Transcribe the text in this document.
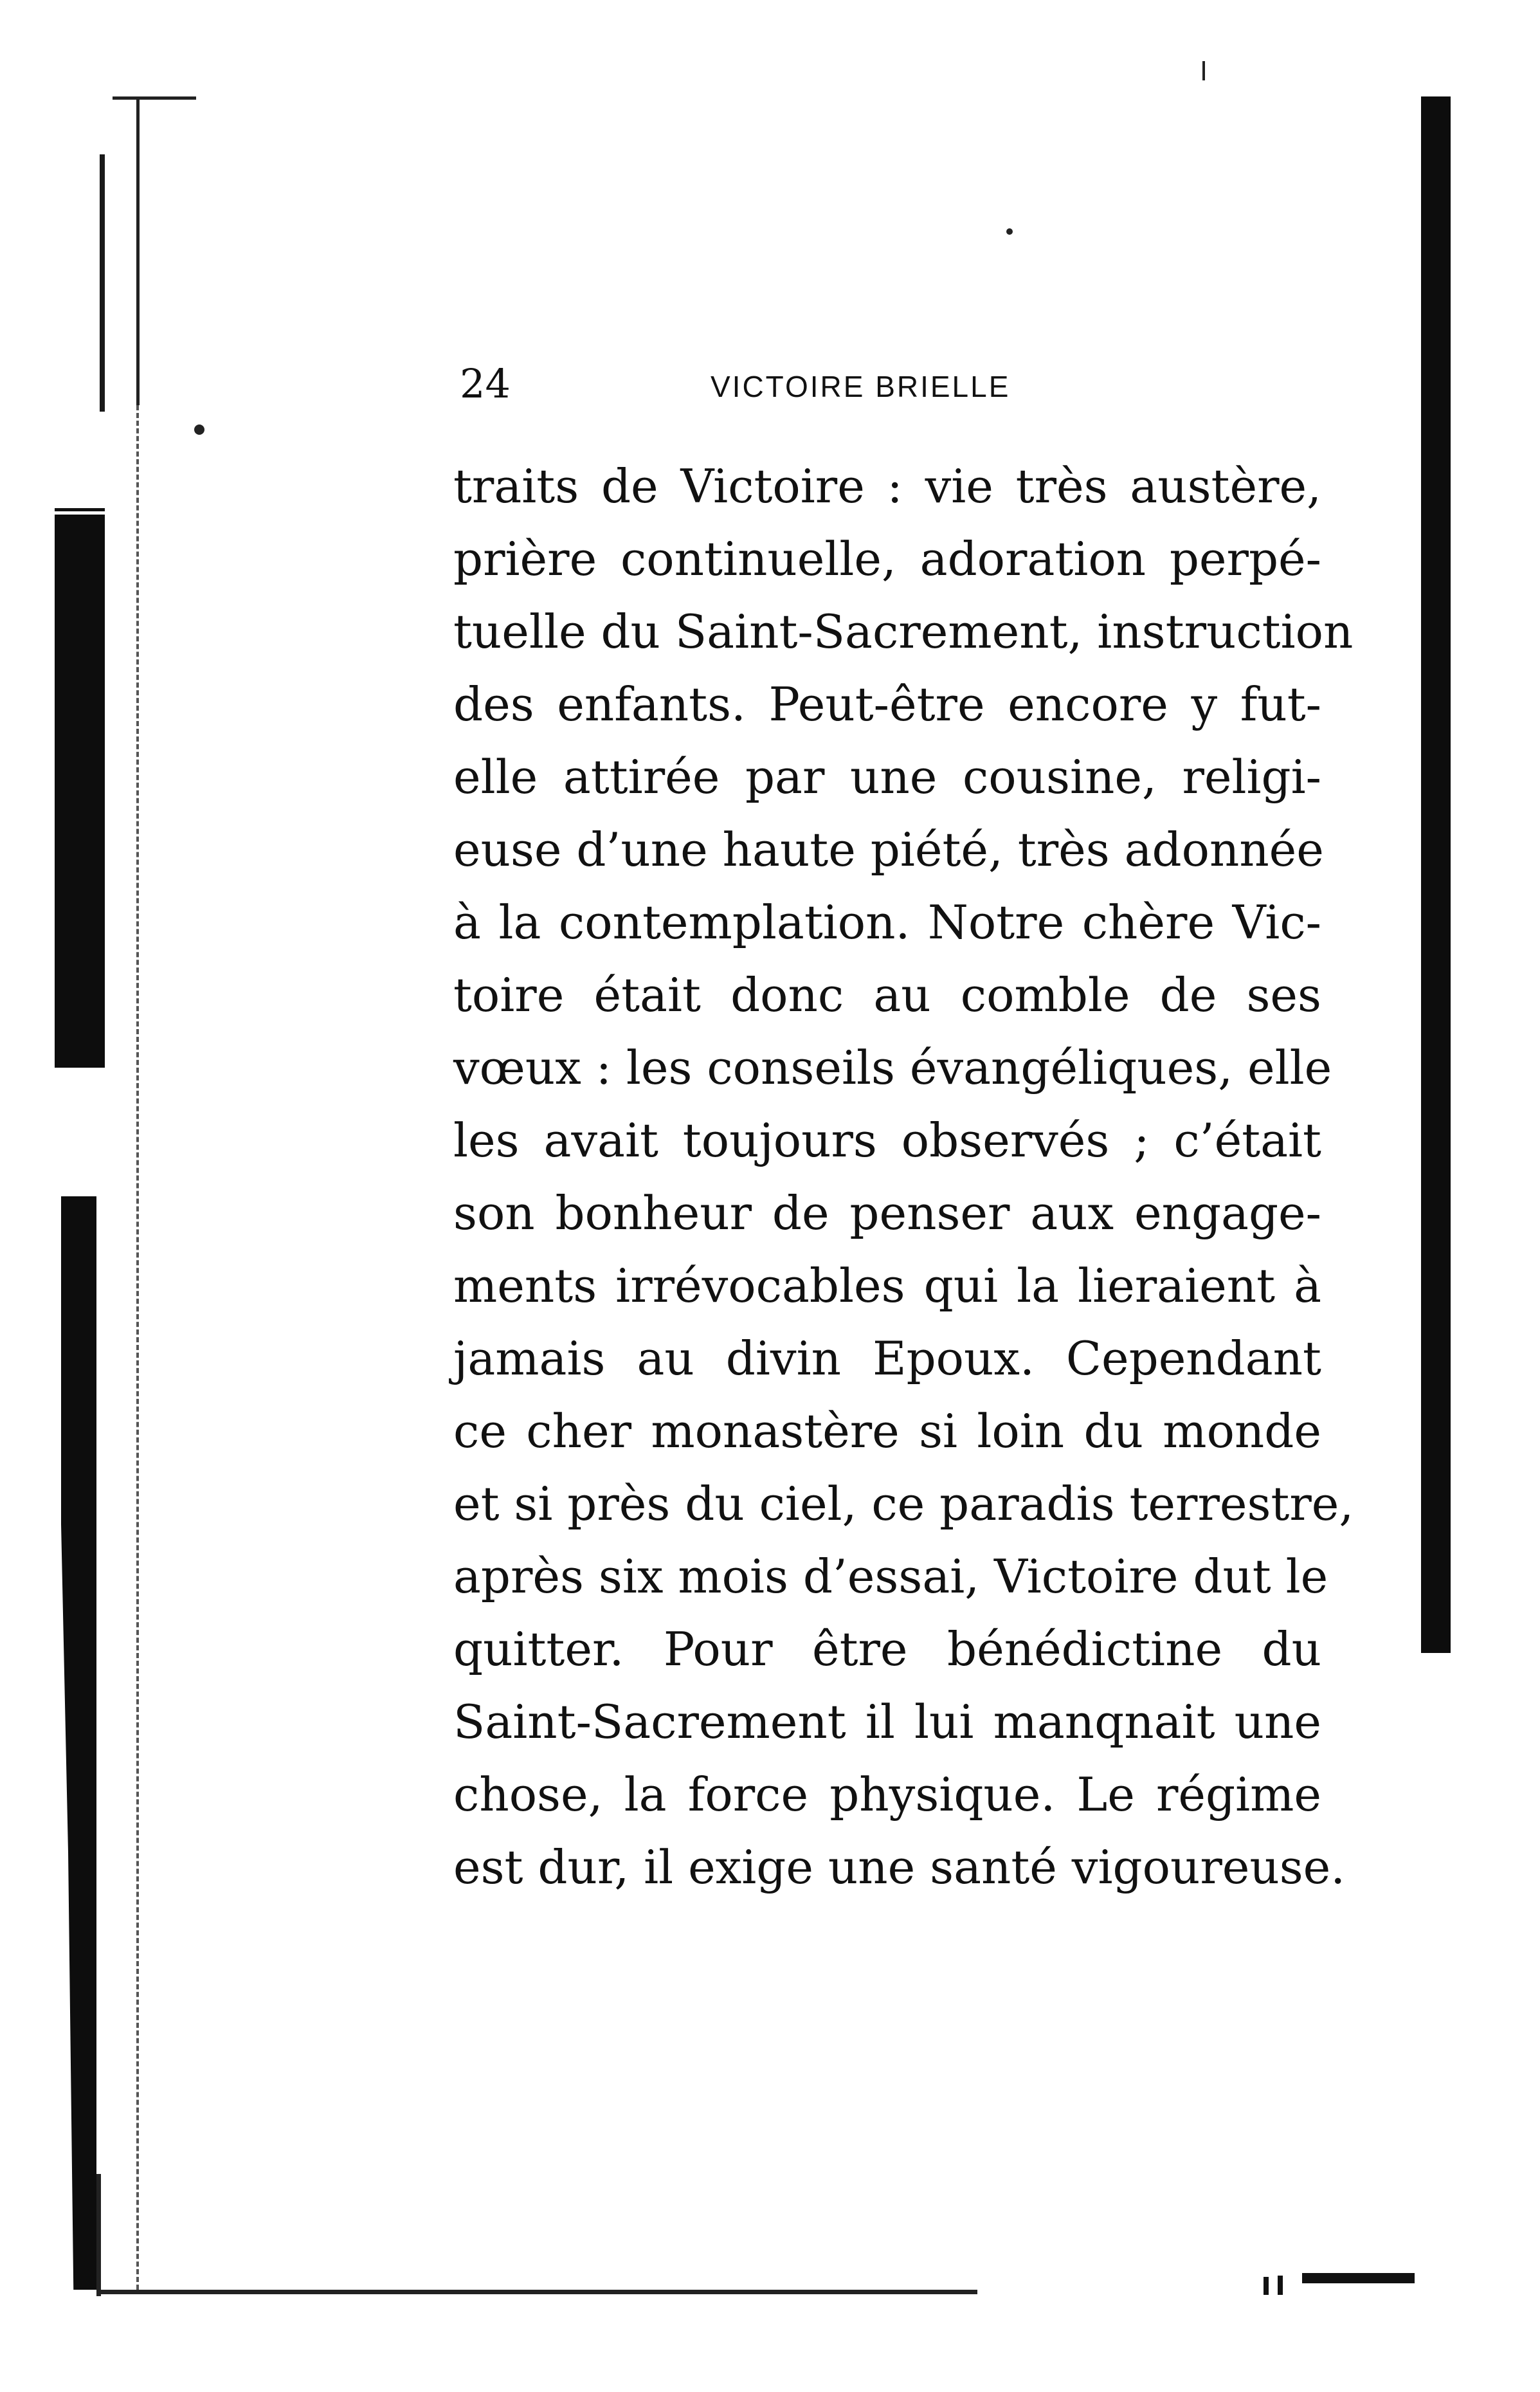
24	VICTOIRE BRIELLE
traits de Victoire : vie très austère,
prière continuelle, adoration perpé-
tuelle du Saint-Sacrement, instruction
des enfants. Peut-être encore y fut-
elle attirée par une cousine, religi-
euse d’une haute piété, très adonnée
à la contemplation. Notre chère Vic-
toire était donc au comble de ses
vœux : les conseils évangéliques, elle
les avait toujours observés ; c’était
son bonheur de penser aux engage-
ments irrévocables qui la lieraient à
jamais au divin Epoux. Cependant
ce cher monastère si loin du monde
et si près du ciel, ce paradis terrestre,
après six mois d’essai, Victoire dut le
quitter. Pour être bénédictine du
Saint-Sacrement il lui manqnait une
chose, la force physique. Le régime
est dur, il exige une santé vigoureuse.
